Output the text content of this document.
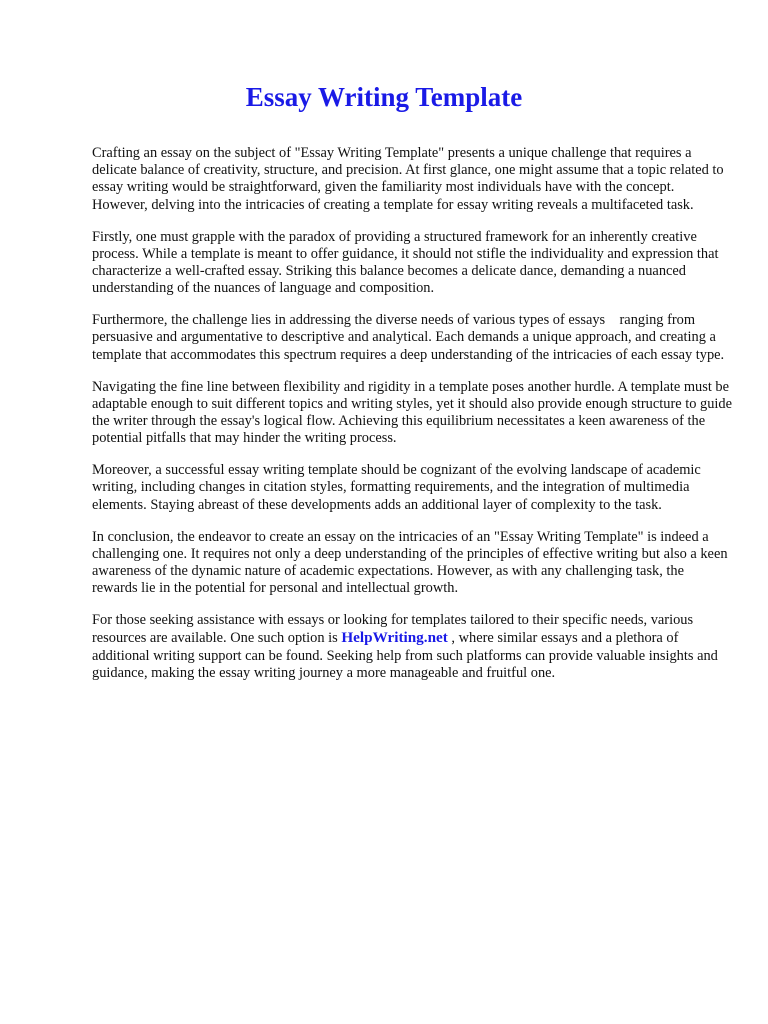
Essay Writing Template

Crafting an essay on the subject of "Essay Writing Template" presents a unique challenge that requires a delicate balance of creativity, structure, and precision. At first glance, one might assume that a topic related to essay writing would be straightforward, given the familiarity most individuals have with the concept. However, delving into the intricacies of creating a template for essay writing reveals a multifaceted task.

Firstly, one must grapple with the paradox of providing a structured framework for an inherently creative process. While a template is meant to offer guidance, it should not stifle the individuality and expression that characterize a well-crafted essay. Striking this balance becomes a delicate dance, demanding a nuanced understanding of the nuances of language and composition.

Furthermore, the challenge lies in addressing the diverse needs of various types of essays    ranging from persuasive and argumentative to descriptive and analytical. Each demands a unique approach, and creating a template that accommodates this spectrum requires a deep understanding of the intricacies of each essay type.

Navigating the fine line between flexibility and rigidity in a template poses another hurdle. A template must be adaptable enough to suit different topics and writing styles, yet it should also provide enough structure to guide the writer through the essay's logical flow. Achieving this equilibrium necessitates a keen awareness of the potential pitfalls that may hinder the writing process.

Moreover, a successful essay writing template should be cognizant of the evolving landscape of academic writing, including changes in citation styles, formatting requirements, and the integration of multimedia elements. Staying abreast of these developments adds an additional layer of complexity to the task.

In conclusion, the endeavor to create an essay on the intricacies of an "Essay Writing Template" is indeed a challenging one. It requires not only a deep understanding of the principles of effective writing but also a keen awareness of the dynamic nature of academic expectations. However, as with any challenging task, the rewards lie in the potential for personal and intellectual growth.

For those seeking assistance with essays or looking for templates tailored to their specific needs, various resources are available. One such option is HelpWriting.net , where similar essays and a plethora of additional writing support can be found. Seeking help from such platforms can provide valuable insights and guidance, making the essay writing journey a more manageable and fruitful one.
